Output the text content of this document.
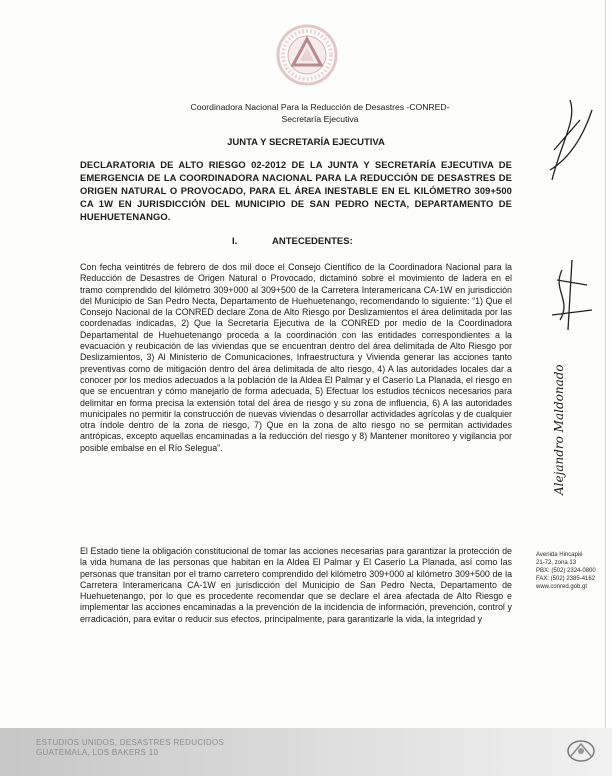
Coordinadora Nacional Para la Reducción de Desastres -CONRED-
Secretaría Ejecutiva
JUNTA Y SECRETARÍA EJECUTIVA
DECLARATORIA DE ALTO RIESGO 02-2012 DE LA JUNTA Y SECRETARÍA EJECUTIVA DE EMERGENCIA DE LA COORDINADORA NACIONAL PARA LA REDUCCIÓN DE DESASTRES DE ORIGEN NATURAL O PROVOCADO, PARA EL ÁREA INESTABLE EN EL KILÓMETRO 309+500 CA 1W EN JURISDICCIÓN DEL MUNICIPIO DE SAN PEDRO NECTA, DEPARTAMENTO DE HUEHUETENANGO.
I.	ANTECEDENTES:
Con fecha veintitrés de febrero de dos mil doce el Consejo Científico de la Coordinadora Nacional para la Reducción de Desastres de Origen Natural o Provocado, dictaminó sobre el movimiento de ladera en el tramo comprendido del kilómetro 309+000 al 309+500 de la Carretera Interamericana CA-1W en jurisdicción del Municipio de San Pedro Necta, Departamento de Huehuetenango, recomendando lo siguiente: “1) Que el Consejo Nacional de la CONRED declare Zona de Alto Riesgo por Deslizamientos el área delimitada por las coordenadas indicadas, 2) Que la Secretaría Ejecutiva de la CONRED por medio de la Coordinadora Departamental de Huehuetenango proceda a la coordinación con las entidades correspondientes a la evacuación y reubicación de las viviendas que se encuentran dentro del área delimitada de Alto Riesgo por Deslizamientos, 3) Al Ministerio de Comunicaciones, Infraestructura y Vivienda generar las acciones tanto preventivas como de mitigación dentro del área delimitada de alto riesgo, 4) A las autoridades locales dar a conocer por los medios adecuados a la población de la Aldea El Palmar y el Caserío La Planada, el riesgo en que se encuentran y cómo manejarlo de forma adecuada, 5) Efectuar los estudios técnicos necesarios para delimitar en forma precisa la extensión total del área de riesgo y su zona de influencia, 6) A las autoridades municipales no permitir la construcción de nuevas viviendas o desarrollar actividades agrícolas y de cualquier otra índole dentro de la zona de riesgo, 7) Que en la zona de alto riesgo no se permitan actividades antrópicas, excepto aquellas encaminadas a la reducción del riesgo y 8) Mantener monitoreo y vigilancia por posible embalse en el Río Selegua”.
El Estado tiene la obligación constitucional de tomar las acciones necesarias para garantizar la protección de la vida humana de las personas que habitan en la Aldea El Palmar y El Caserío La Planada, así como las personas que transitan por el tramo carretero comprendido del kilómetro 309+000 al kilómetro 309+500 de la Carretera Interamericana CA-1W en jurisdicción del Municipio de San Pedro Necta, Departamento de Huehuetenango, por lo que es procedente recomendar que se declare el área afectada de Alto Riesgo e implementar las acciones encaminadas a la prevención de la incidencia de información, prevención, control y erradicación, para evitar o reducir sus efectos, principalmente, para garantizarle la vida, la integridad y
Avenida Hincapié
21-72, zona 13
PBX: (502) 2324-0800
FAX: (502) 2385-4162
www.conred.gob.gt
Alejandro Maldonado
ESTUDIOS UNIDOS, DESASTRES REDUCIDOS
GUATEMALA, LOS BAKERS 10
